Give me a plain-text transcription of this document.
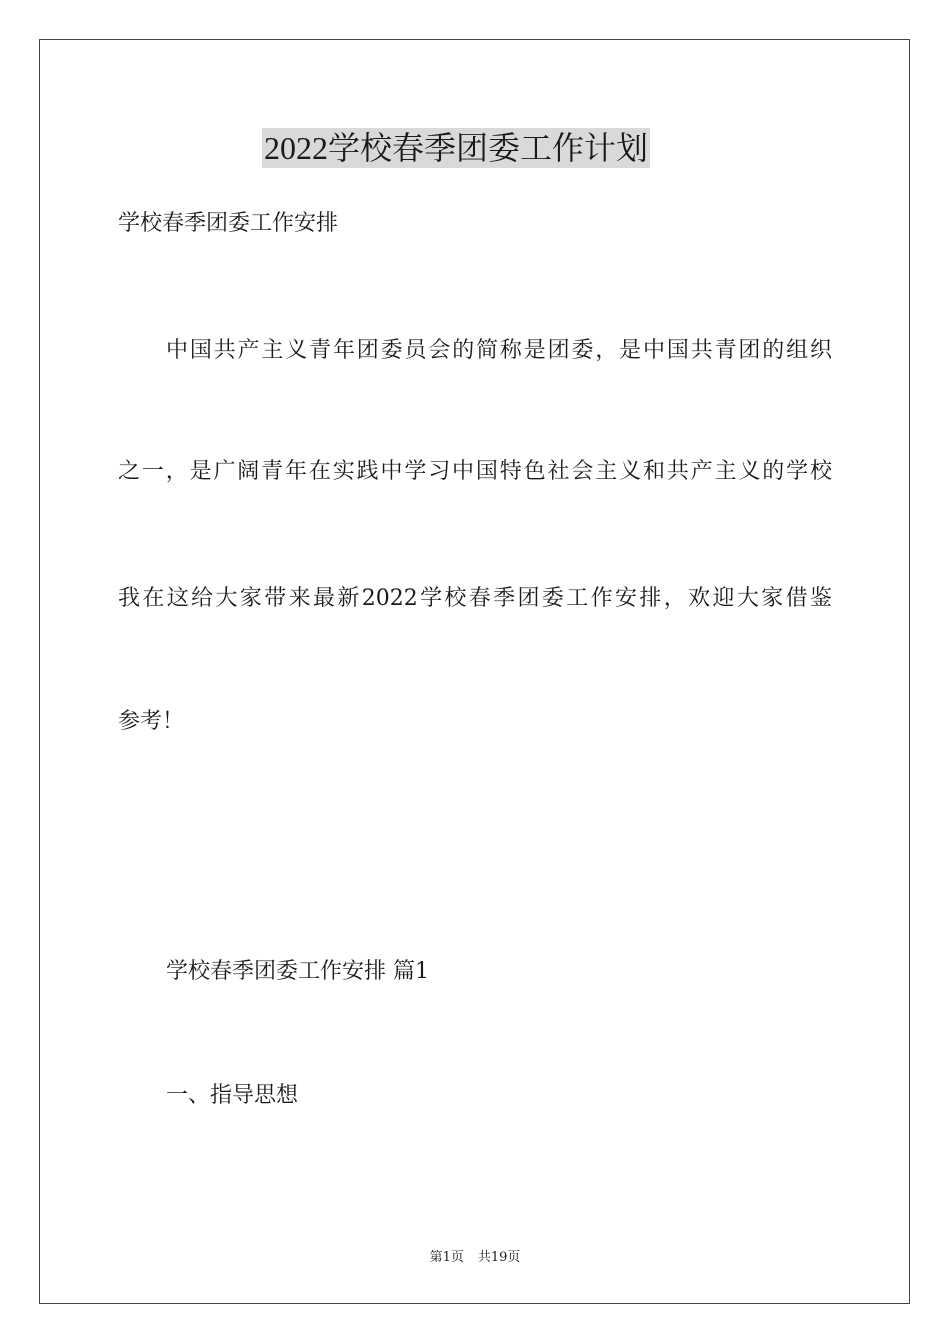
2022学校春季团委工作计划
学校春季团委工作安排
中国共产主义青年团委员会的简称是团委，是中国共青团的组织
之一，是广阔青年在实践中学习中国特色社会主义和共产主义的学校
我在这给大家带来最新2022学校春季团委工作安排，欢迎大家借鉴
参考！
学校春季团委工作安排 篇1
一、指导思想
第1页 共19页
